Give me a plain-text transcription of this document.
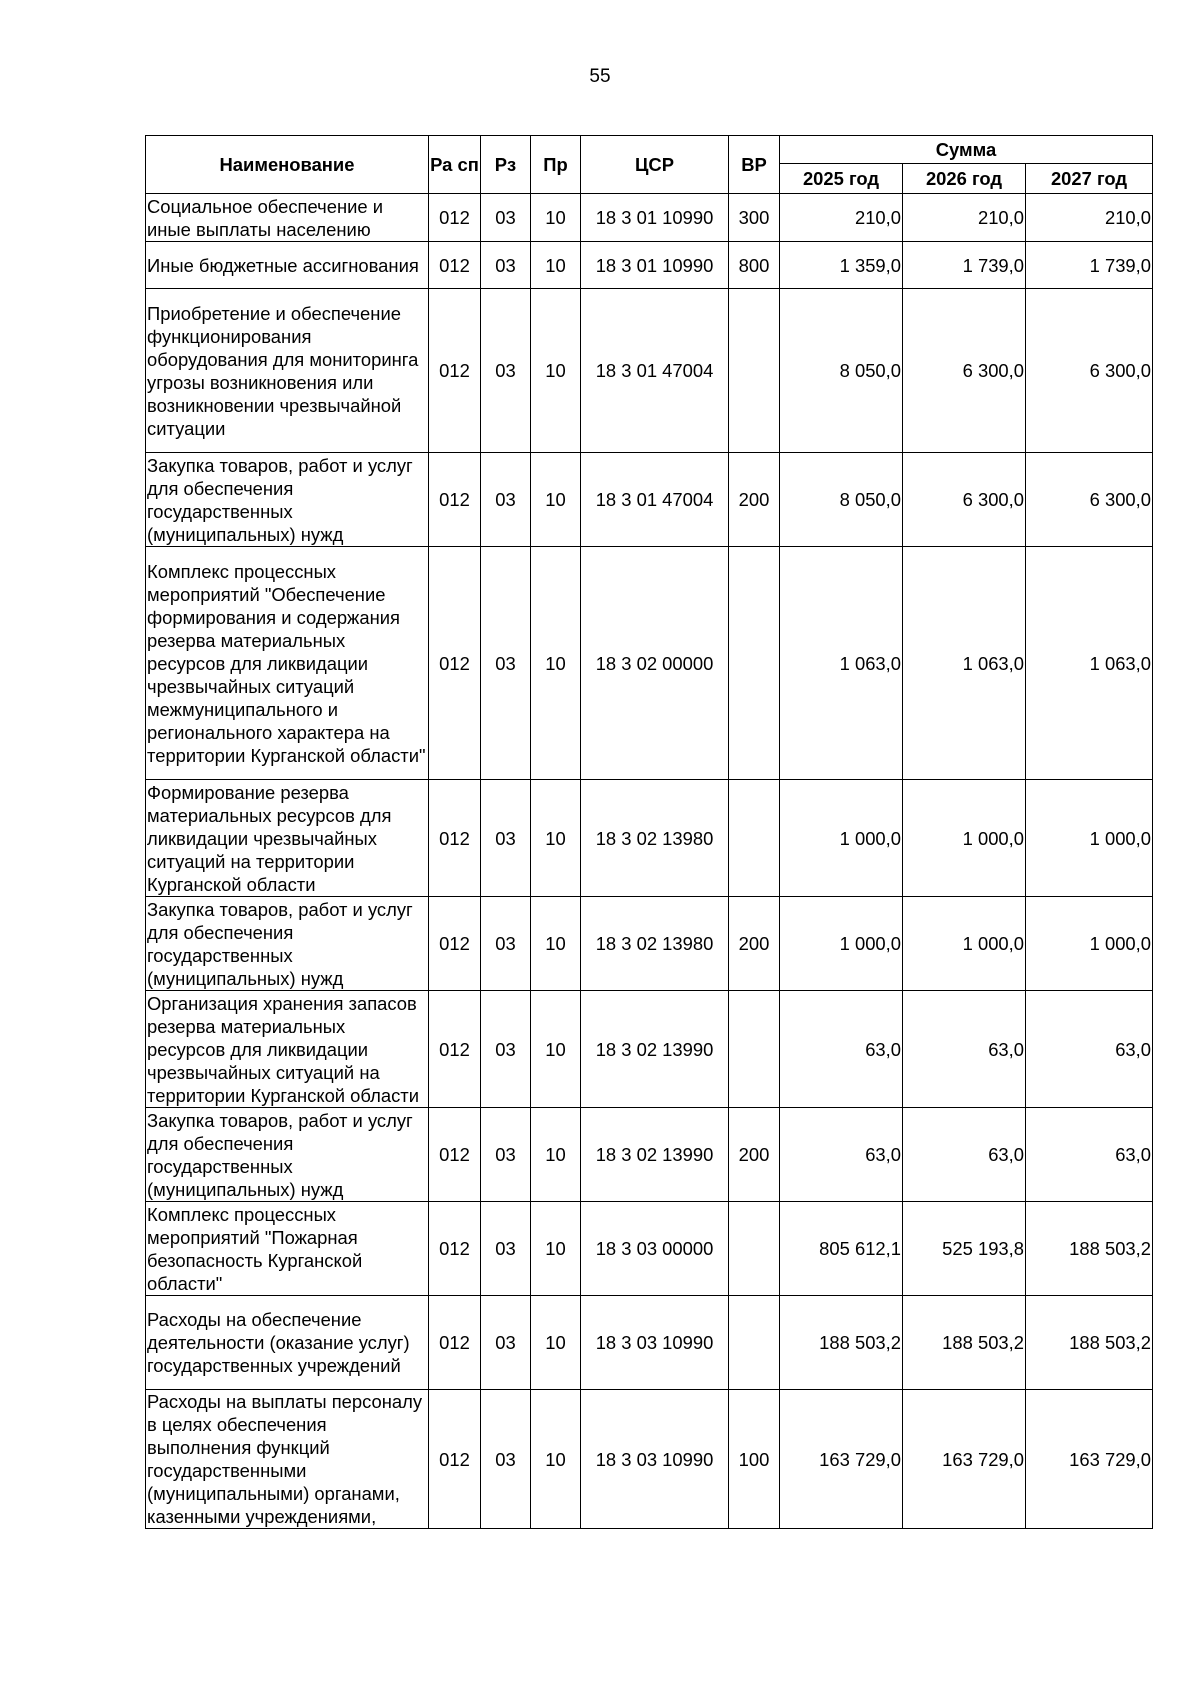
55
Наименование	Ра сп	Рз	Пр	ЦСР	ВР	Сумма		
						2025 год	2026 год	2027 год
Социальное обеспечение и иные выплаты населению	012	03	10	18 3 01 10990	300	210,0	210,0	210,0
Иные бюджетные ассигнования	012	03	10	18 3 01 10990	800	1 359,0	1 739,0	1 739,0
Приобретение и обеспечение функционирования оборудования для мониторинга угрозы возникновения или возникновении чрезвычайной ситуации	012	03	10	18 3 01 47004		8 050,0	6 300,0	6 300,0
Закупка товаров, работ и услуг для обеспечения государственных (муниципальных) нужд	012	03	10	18 3 01 47004	200	8 050,0	6 300,0	6 300,0
Комплекс процессных мероприятий "Обеспечение формирования и содержания резерва материальных ресурсов для ликвидации чрезвычайных ситуаций межмуниципального и регионального характера на территории Курганской области"	012	03	10	18 3 02 00000		1 063,0	1 063,0	1 063,0
Формирование резерва материальных ресурсов для ликвидации чрезвычайных ситуаций на территории Курганской области	012	03	10	18 3 02 13980		1 000,0	1 000,0	1 000,0
Закупка товаров, работ и услуг для обеспечения государственных (муниципальных) нужд	012	03	10	18 3 02 13980	200	1 000,0	1 000,0	1 000,0
Организация хранения запасов резерва материальных ресурсов для ликвидации чрезвычайных ситуаций на территории Курганской области	012	03	10	18 3 02 13990		63,0	63,0	63,0
Закупка товаров, работ и услуг для обеспечения государственных (муниципальных) нужд	012	03	10	18 3 02 13990	200	63,0	63,0	63,0
Комплекс процессных мероприятий "Пожарная безопасность Курганской области"	012	03	10	18 3 03 00000		805 612,1	525 193,8	188 503,2
Расходы на обеспечение деятельности (оказание услуг) государственных учреждений	012	03	10	18 3 03 10990		188 503,2	188 503,2	188 503,2
Расходы на выплаты персоналу в целях обеспечения выполнения функций государственными (муниципальными) органами, казенными учреждениями,	012	03	10	18 3 03 10990	100	163 729,0	163 729,0	163 729,0
